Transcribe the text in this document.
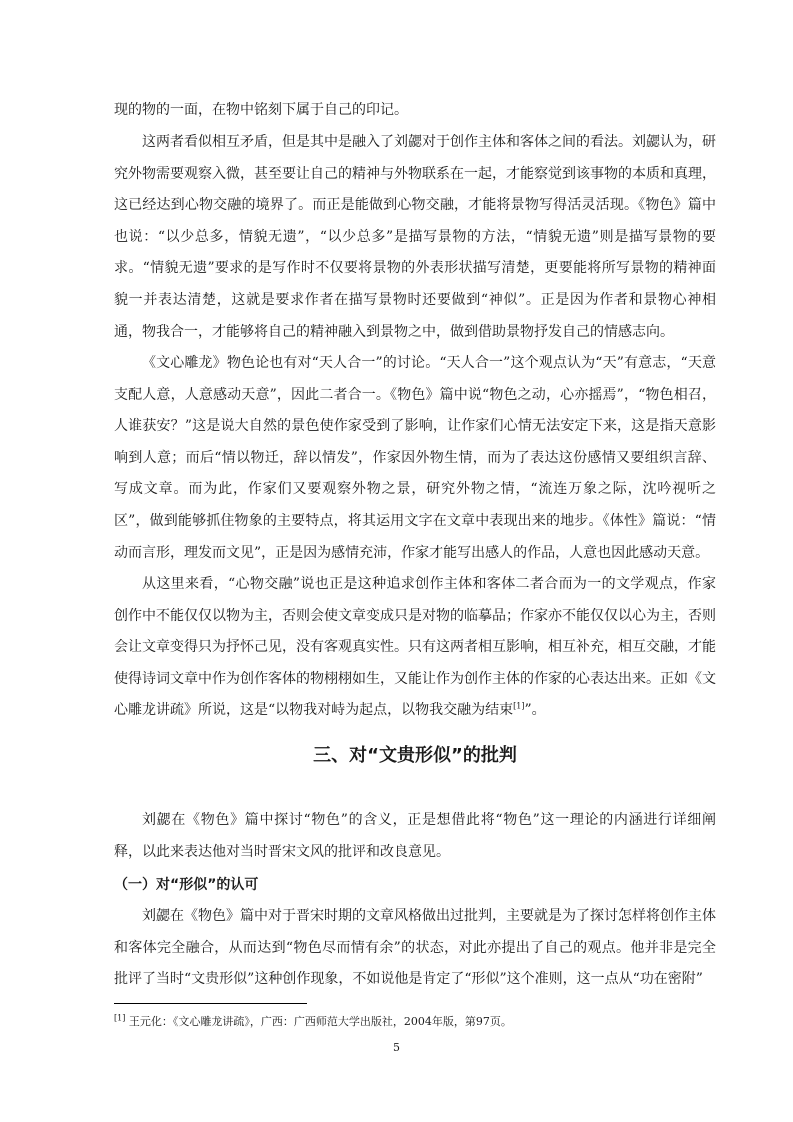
现的物的一面，在物中铭刻下属于自己的印记。

这两者看似相互矛盾，但是其中是融入了刘勰对于创作主体和客体之间的看法。刘勰认为，研究外物需要观察入微，甚至要让自己的精神与外物联系在一起，才能察觉到该事物的本质和真理，这已经达到心物交融的境界了。而正是能做到心物交融，才能将景物写得活灵活现。《物色》篇中也说：“以少总多，情貌无遗”，“以少总多”是描写景物的方法，“情貌无遗”则是描写景物的要求。“情貌无遗”要求的是写作时不仅要将景物的外表形状描写清楚，更要能将所写景物的精神面貌一并表达清楚，这就是要求作者在描写景物时还要做到“神似”。正是因为作者和景物心神相通，物我合一，才能够将自己的精神融入到景物之中，做到借助景物抒发自己的情感志向。

《文心雕龙》物色论也有对“天人合一”的讨论。“天人合一”这个观点认为“天”有意志，“天意支配人意，人意感动天意”，因此二者合一。《物色》篇中说“物色之动，心亦摇焉”，“物色相召，人谁获安？”这是说大自然的景色使作家受到了影响，让作家们心情无法安定下来，这是指天意影响到人意；而后“情以物迁，辞以情发”，作家因外物生情，而为了表达这份感情又要组织言辞、写成文章。而为此，作家们又要观察外物之景，研究外物之情，“流连万象之际，沈吟视听之区”，做到能够抓住物象的主要特点，将其运用文字在文章中表现出来的地步。《体性》篇说：“情动而言形，理发而文见”，正是因为感情充沛，作家才能写出感人的作品，人意也因此感动天意。

从这里来看，“心物交融”说也正是这种追求创作主体和客体二者合而为一的文学观点，作家创作中不能仅仅以物为主，否则会使文章变成只是对物的临摹品；作家亦不能仅仅以心为主，否则会让文章变得只为抒怀己见，没有客观真实性。只有这两者相互影响，相互补充，相互交融，才能使得诗词文章中作为创作客体的物栩栩如生，又能让作为创作主体的作家的心表达出来。正如《文心雕龙讲疏》所说，这是“以物我对峙为起点，以物我交融为结束[1]”。

三、对“文贵形似”的批判

刘勰在《物色》篇中探讨“物色”的含义，正是想借此将“物色”这一理论的内涵进行详细阐释，以此来表达他对当时晋宋文风的批评和改良意见。

（一）对“形似”的认可

刘勰在《物色》篇中对于晋宋时期的文章风格做出过批判，主要就是为了探讨怎样将创作主体和客体完全融合，从而达到“物色尽而情有余”的状态，对此亦提出了自己的观点。他并非是完全批评了当时“文贵形似”这种创作现象，不如说他是肯定了“形似”这个准则，这一点从“功在密附”

[1] 王元化：《文心雕龙讲疏》，广西：广西师范大学出版社，2004年版，第97页。

5
